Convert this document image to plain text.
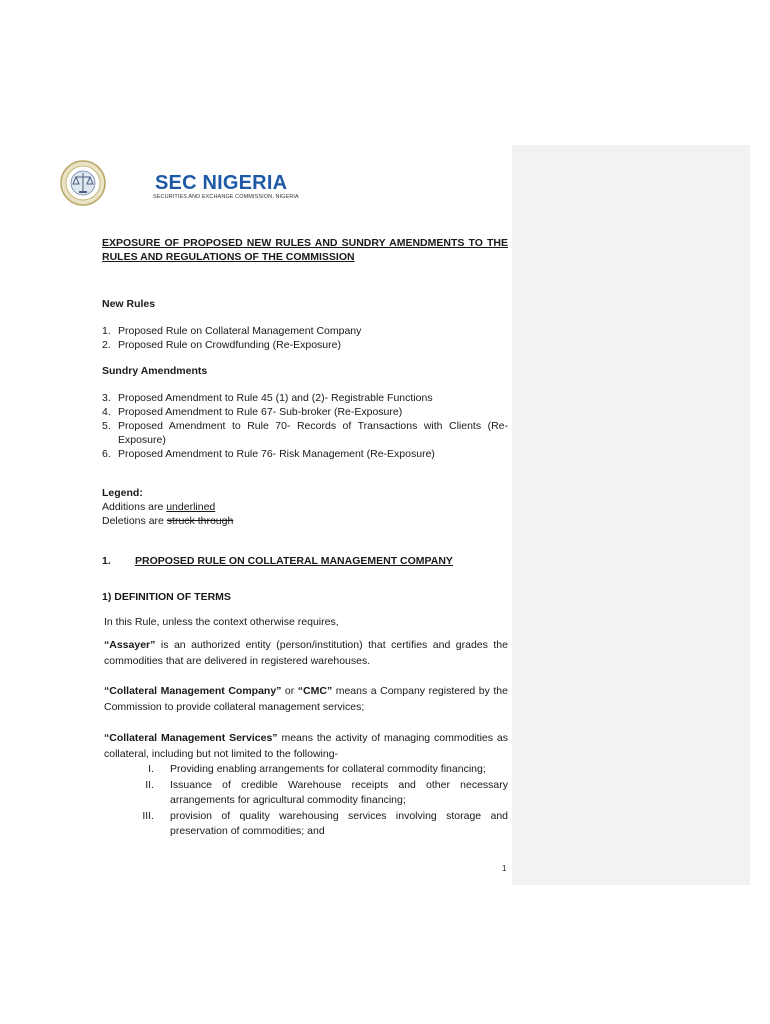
SEC NIGERIA
SECURITIES AND EXCHANGE COMMISSION, NIGERIA
EXPOSURE OF PROPOSED NEW RULES AND SUNDRY AMENDMENTS TO THE RULES AND REGULATIONS OF THE COMMISSION
New Rules
1. Proposed Rule on Collateral Management Company
2. Proposed Rule on Crowdfunding (Re-Exposure)
Sundry Amendments
3. Proposed Amendment to Rule 45 (1) and (2)- Registrable Functions
4. Proposed Amendment to Rule 67- Sub-broker (Re-Exposure)
5. Proposed Amendment to Rule 70- Records of Transactions with Clients (Re-Exposure)
6. Proposed Amendment to Rule 76- Risk Management (Re-Exposure)
Legend:
Additions are underlined
Deletions are struck through
1. PROPOSED RULE ON COLLATERAL MANAGEMENT COMPANY
1) DEFINITION OF TERMS
In this Rule, unless the context otherwise requires,
“Assayer” is an authorized entity (person/institution) that certifies and grades the commodities that are delivered in registered warehouses.
“Collateral Management Company” or “CMC” means a Company registered by the Commission to provide collateral management services;
“Collateral Management Services” means the activity of managing commodities as collateral, including but not limited to the following-
I. Providing enabling arrangements for collateral commodity financing;
II. Issuance of credible Warehouse receipts and other necessary arrangements for agricultural commodity financing;
III. provision of quality warehousing services involving storage and preservation of commodities; and
1
